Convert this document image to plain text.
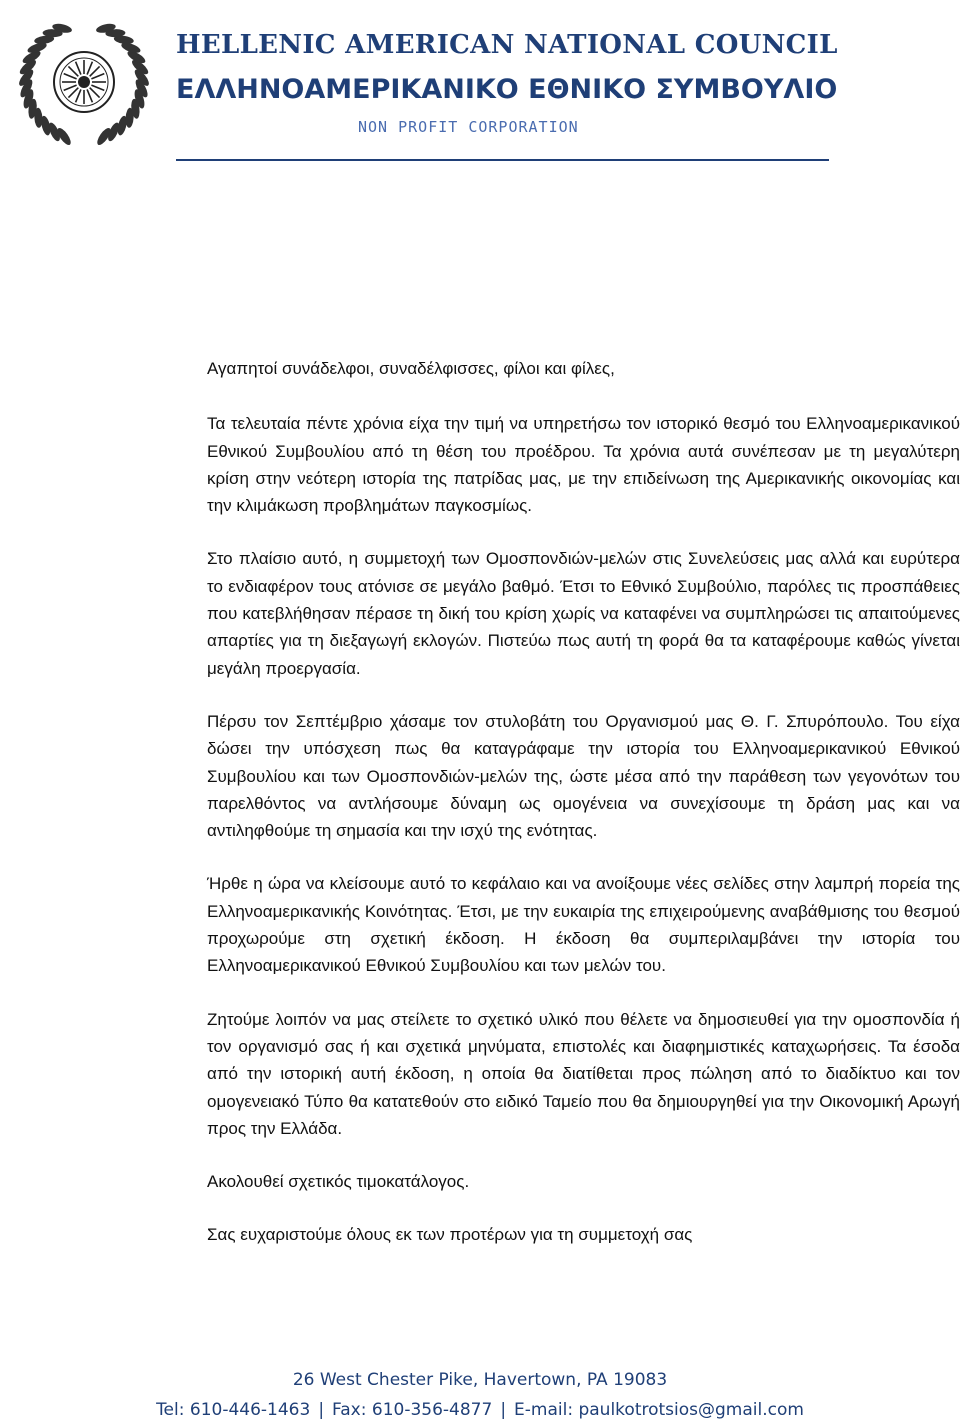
HELLENIC AMERICAN NATIONAL COUNCIL
ΕΛΛΗΝΟΑΜΕΡΙΚΑΝΙΚΟ ΕΘΝΙΚΟ ΣΥΜΒΟΥΛΙΟ
NON PROFIT CORPORATION

Αγαπητοί συνάδελφοι, συναδέλφισσες, φίλοι και φίλες,

Τα τελευταία πέντε χρόνια είχα την τιμή να υπηρετήσω τον ιστορικό θεσμό του Ελληνοαμερικανικού Εθνικού Συμβουλίου από τη θέση του προέδρου. Τα χρόνια αυτά συνέπεσαν με τη μεγαλύτερη κρίση στην νεότερη ιστορία της πατρίδας μας, με την επιδείνωση της Αμερικανικής οικονομίας και την κλιμάκωση προβλημάτων παγκοσμίως.

Στο πλαίσιο αυτό, η συμμετοχή των Ομοσπονδιών-μελών στις Συνελεύσεις μας αλλά και ευρύτερα το ενδιαφέρον τους ατόνισε σε μεγάλο βαθμό. Έτσι το Εθνικό Συμβούλιο, παρόλες τις προσπάθειες που κατεβλήθησαν πέρασε τη δική του κρίση χωρίς να καταφένει να συμπληρώσει τις απαιτούμενες απαρτίες για τη διεξαγωγή εκλογών. Πιστεύω πως αυτή τη φορά θα τα καταφέρουμε καθώς γίνεται μεγάλη προεργασία.

Πέρσυ τον Σεπτέμβριο χάσαμε τον στυλοβάτη του Οργανισμού μας Θ. Γ. Σπυρόπουλο. Του είχα δώσει την υπόσχεση πως θα καταγράφαμε την ιστορία του Ελληνοαμερικανικού Εθνικού Συμβουλίου και των Ομοσπονδιών-μελών της, ώστε μέσα από την παράθεση των γεγονότων του παρελθόντος να αντλήσουμε δύναμη ως ομογένεια να συνεχίσουμε τη δράση μας και να αντιληφθούμε τη σημασία και την ισχύ της ενότητας.

Ήρθε η ώρα να κλείσουμε αυτό το κεφάλαιο και να ανοίξουμε νέες σελίδες στην λαμπρή πορεία της Ελληνοαμερικανικής Κοινότητας. Έτσι, με την ευκαιρία της επιχειρούμενης αναβάθμισης του θεσμού προχωρούμε στη σχετική έκδοση. Η έκδοση θα συμπεριλαμβάνει την ιστορία του Ελληνοαμερικανικού Εθνικού Συμβουλίου και των μελών του.

Ζητούμε λοιπόν να μας στείλετε το σχετικό υλικό που θέλετε να δημοσιευθεί για την ομοσπονδία ή τον οργανισμό σας ή και σχετικά μηνύματα, επιστολές και διαφημιστικές καταχωρήσεις. Τα έσοδα από την ιστορική αυτή έκδοση, η οποία θα διατίθεται προς πώληση από το διαδίκτυο και τον ομογενειακό Τύπο θα κατατεθούν στο ειδικό Ταμείο που θα δημιουργηθεί για την Οικονομική Αρωγή προς την Ελλάδα.

Ακολουθεί σχετικός τιμοκατάλογος.

Σας ευχαριστούμε όλους εκ των προτέρων για τη συμμετοχή σας

26 West Chester Pike, Havertown, PA 19083
Tel: 610-446-1463 | Fax: 610-356-4877 | E-mail: paulkotrotsios@gmail.com
